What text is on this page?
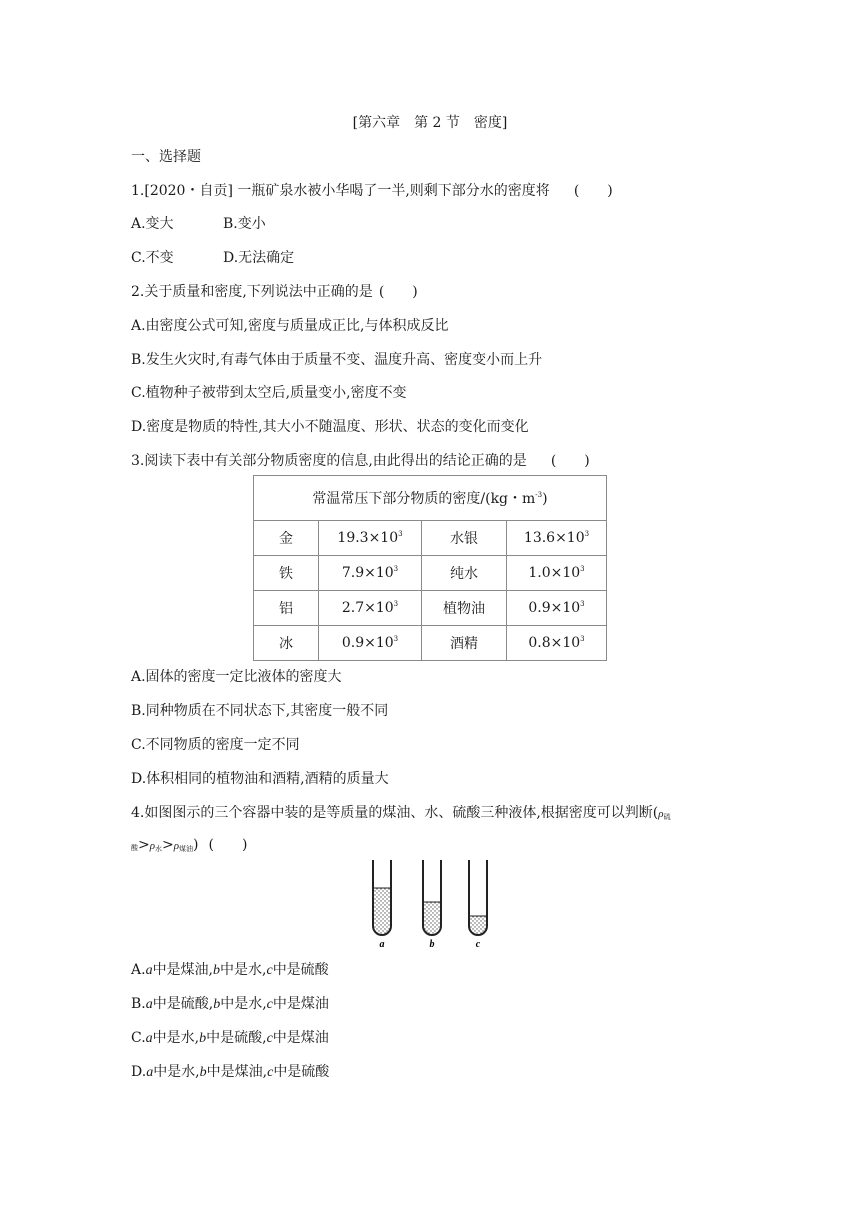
[第六章　第 2 节　密度]
一、选择题
1.[2020・自贡] 一瓶矿泉水被小华喝了一半,则剩下部分水的密度将 (　　)
A.变大	B.变小
C.不变	D.无法确定
2.关于质量和密度,下列说法中正确的是 (　　)
A.由密度公式可知,密度与质量成正比,与体积成反比
B.发生火灾时,有毒气体由于质量不变、温度升高、密度变小而上升
C.植物种子被带到太空后,质量变小,密度不变
D.密度是物质的特性,其大小不随温度、形状、状态的变化而变化
3.阅读下表中有关部分物质密度的信息,由此得出的结论正确的是 (　　)
常温常压下部分物质的密度/(kg・$m^{-3}$)			
金	$19.3\times 10^3$	水银	$13.6\times 10^3$
铁	$7.9\times 10^3$	纯水	$1.0\times 10^3$
铝	$2.7\times 10^3$	植物油	$0.9\times 10^3$
冰	$0.9\times 10^3$	酒精	$0.8\times 10^3$
A.固体的密度一定比液体的密度大
B.同种物质在不同状态下,其密度一般不同
C.不同物质的密度一定不同
D.体积相同的植物油和酒精,酒精的质量大
4.如图图示的三个容器中装的是等质量的煤油、水、硫酸三种液体,根据密度可以判断($\rho_硫$
酸$>\rho_水>\rho_{煤油}$) (　　)
a	b	c
A.a中是煤油,b中是水,c中是硫酸
B.a中是硫酸,b中是水,c中是煤油
C.a中是水,b中是硫酸,c中是煤油
D.a中是水,b中是煤油,c中是硫酸
